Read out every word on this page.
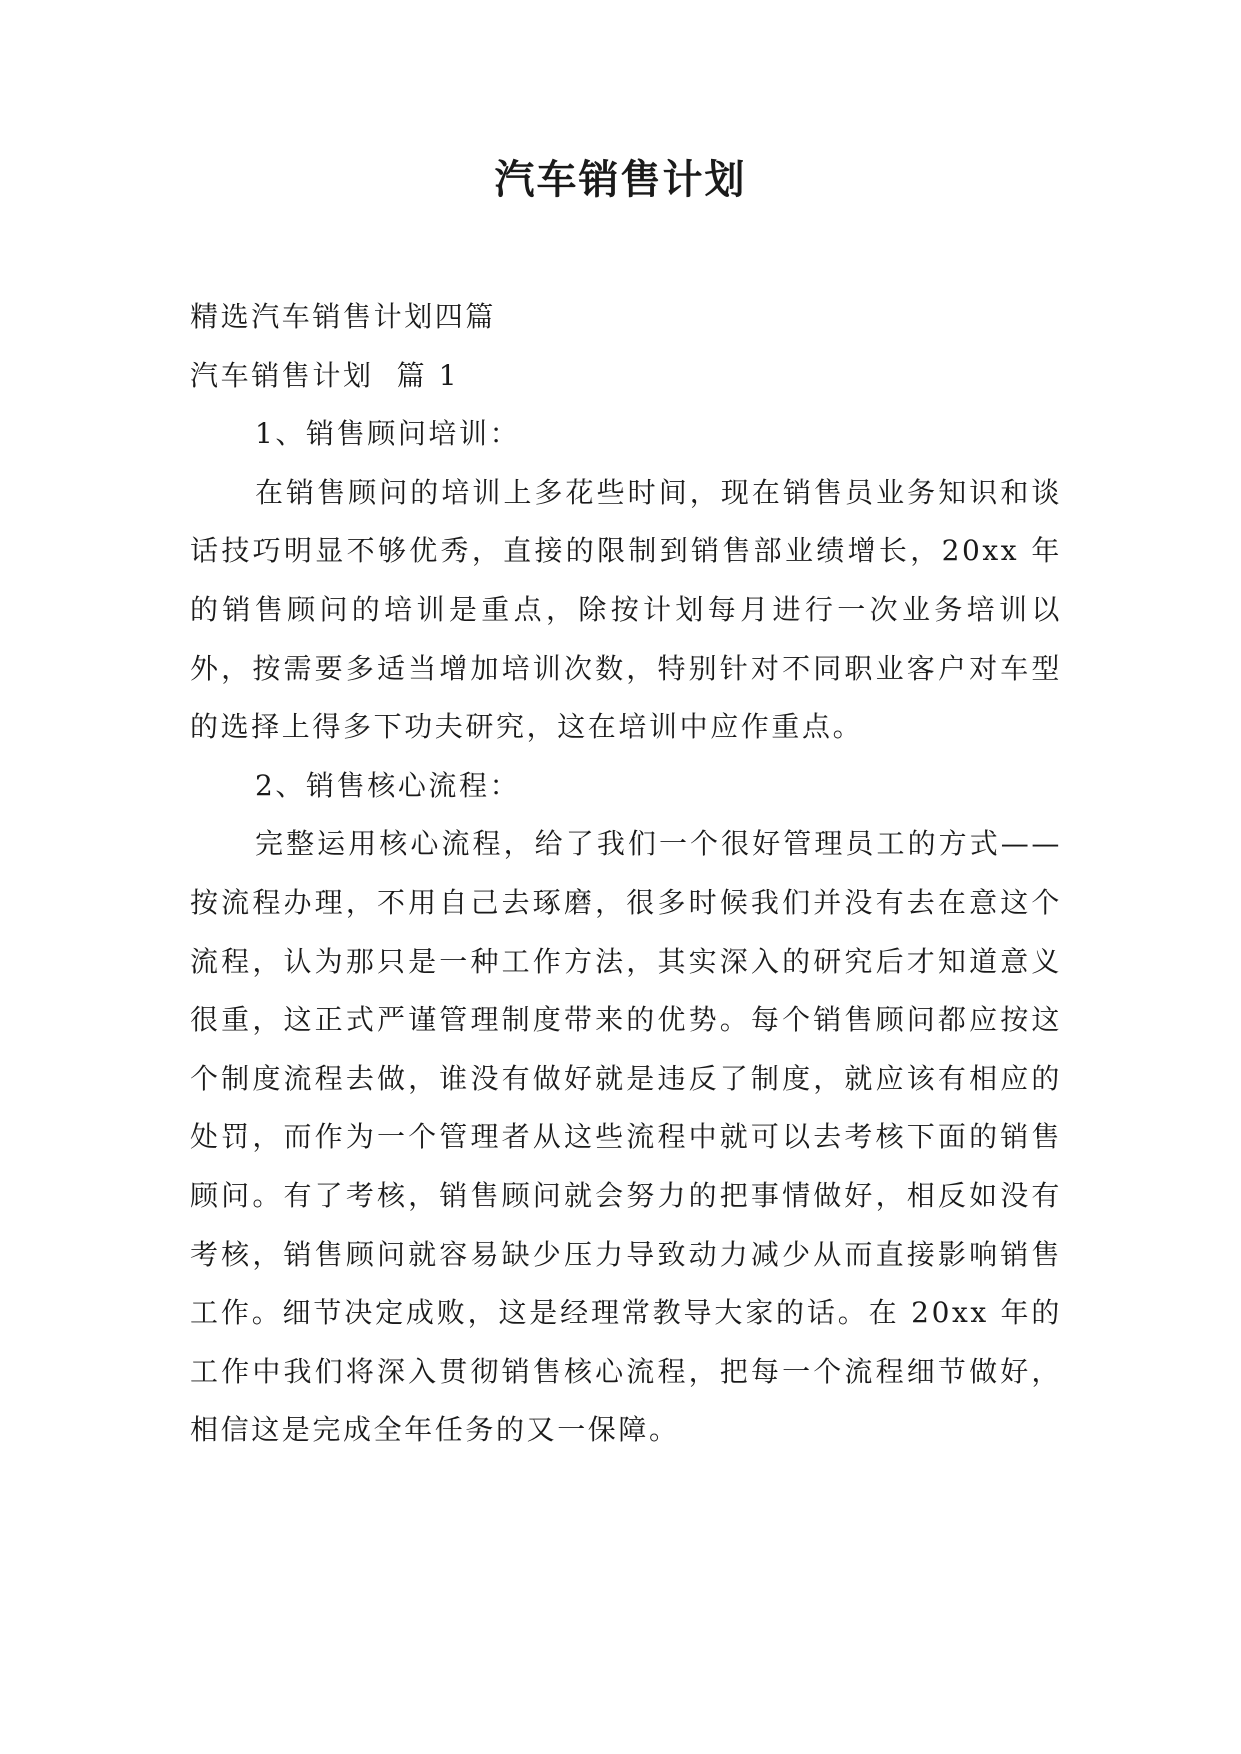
汽车销售计划

精选汽车销售计划四篇

汽车销售计划  篇 1

1、销售顾问培训：

在销售顾问的培训上多花些时间，现在销售员业务知识和谈话技巧明显不够优秀，直接的限制到销售部业绩增长，20xx 年的销售顾问的培训是重点，除按计划每月进行一次业务培训以外，按需要多适当增加培训次数，特别针对不同职业客户对车型的选择上得多下功夫研究，这在培训中应作重点。

2、销售核心流程：

完整运用核心流程，给了我们一个很好管理员工的方式——按流程办理，不用自己去琢磨，很多时候我们并没有去在意这个流程，认为那只是一种工作方法，其实深入的研究后才知道意义很重，这正式严谨管理制度带来的优势。每个销售顾问都应按这个制度流程去做，谁没有做好就是违反了制度，就应该有相应的处罚，而作为一个管理者从这些流程中就可以去考核下面的销售顾问。有了考核，销售顾问就会努力的把事情做好，相反如没有考核，销售顾问就容易缺少压力导致动力减少从而直接影响销售工作。细节决定成败，这是经理常教导大家的话。在 20xx 年的工作中我们将深入贯彻销售核心流程，把每一个流程细节做好，相信这是完成全年任务的又一保障。
